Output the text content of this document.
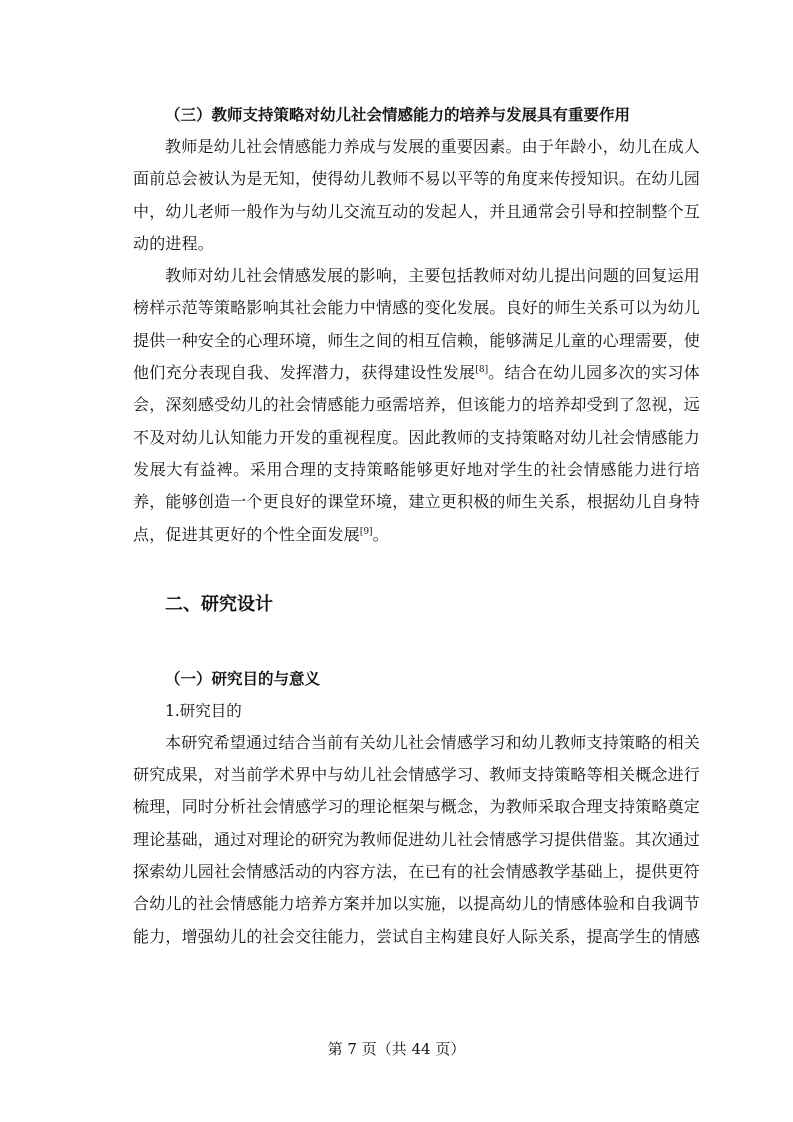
（三）教师支持策略对幼儿社会情感能力的培养与发展具有重要作用

教师是幼儿社会情感能力养成与发展的重要因素。由于年龄小，幼儿在成人面前总会被认为是无知，使得幼儿教师不易以平等的角度来传授知识。在幼儿园中，幼儿老师一般作为与幼儿交流互动的发起人，并且通常会引导和控制整个互动的进程。

教师对幼儿社会情感发展的影响，主要包括教师对幼儿提出问题的回复运用榜样示范等策略影响其社会能力中情感的变化发展。良好的师生关系可以为幼儿提供一种安全的心理环境，师生之间的相互信赖，能够满足儿童的心理需要，使他们充分表现自我、发挥潜力，获得建设性发展[8]。结合在幼儿园多次的实习体会，深刻感受幼儿的社会情感能力亟需培养，但该能力的培养却受到了忽视，远不及对幼儿认知能力开发的重视程度。因此教师的支持策略对幼儿社会情感能力发展大有益裨。采用合理的支持策略能够更好地对学生的社会情感能力进行培养，能够创造一个更良好的课堂环境，建立更积极的师生关系，根据幼儿自身特点，促进其更好的个性全面发展[9]。

二、研究设计

（一）研究目的与意义

1.研究目的

本研究希望通过结合当前有关幼儿社会情感学习和幼儿教师支持策略的相关研究成果，对当前学术界中与幼儿社会情感学习、教师支持策略等相关概念进行梳理，同时分析社会情感学习的理论框架与概念，为教师采取合理支持策略奠定理论基础，通过对理论的研究为教师促进幼儿社会情感学习提供借鉴。其次通过探索幼儿园社会情感活动的内容方法，在已有的社会情感教学基础上，提供更符合幼儿的社会情感能力培养方案并加以实施，以提高幼儿的情感体验和自我调节能力，增强幼儿的社会交往能力，尝试自主构建良好人际关系，提高学生的情感

第 7 页（共 44 页）
